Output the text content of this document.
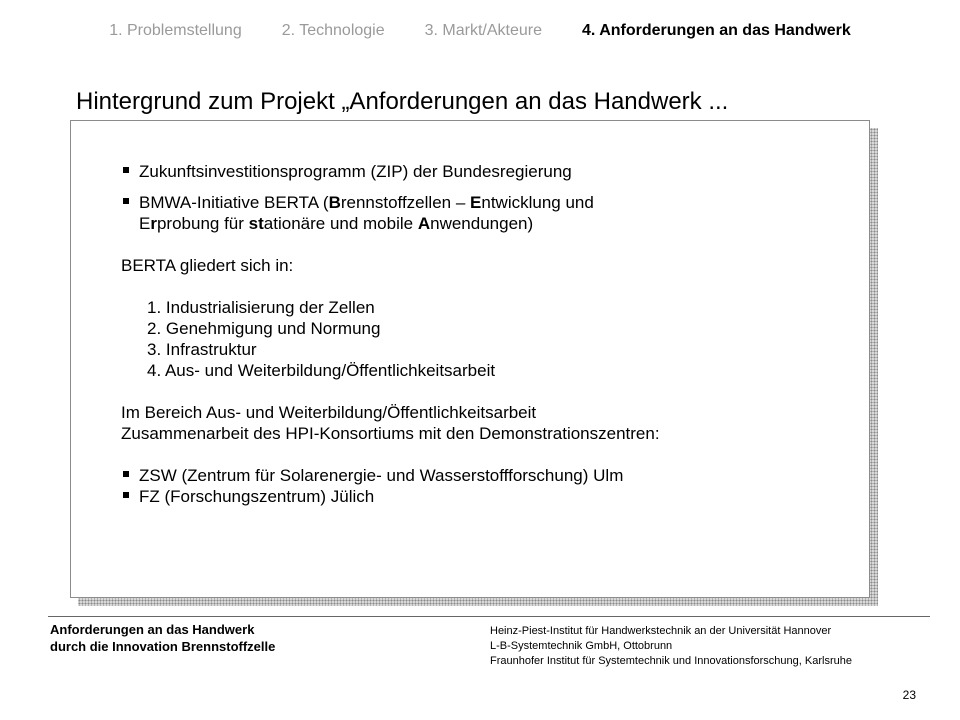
1. Problemstellung	2. Technologie	3. Markt/Akteure	4. Anforderungen an das Handwerk
Hintergrund zum Projekt „Anforderungen an das Handwerk ...
Zukunftsinvestitionsprogramm (ZIP) der Bundesregierung
BMWA-Initiative BERTA (Brennstoffzellen – Entwicklung und
Erprobung für stationäre und mobile Anwendungen)
BERTA gliedert sich in:
1. Industrialisierung der Zellen
2. Genehmigung und Normung
3. Infrastruktur
4. Aus- und Weiterbildung/Öffentlichkeitsarbeit
Im Bereich Aus- und Weiterbildung/Öffentlichkeitsarbeit
Zusammenarbeit des HPI-Konsortiums mit den Demonstrationszentren:
ZSW (Zentrum für Solarenergie- und Wasserstoffforschung) Ulm
FZ (Forschungszentrum) Jülich
Anforderungen an das Handwerk
durch die Innovation Brennstoffzelle
Heinz-Piest-Institut für Handwerkstechnik an der Universität Hannover
L-B-Systemtechnik GmbH, Ottobrunn
Fraunhofer Institut für Systemtechnik und Innovationsforschung, Karlsruhe
23
